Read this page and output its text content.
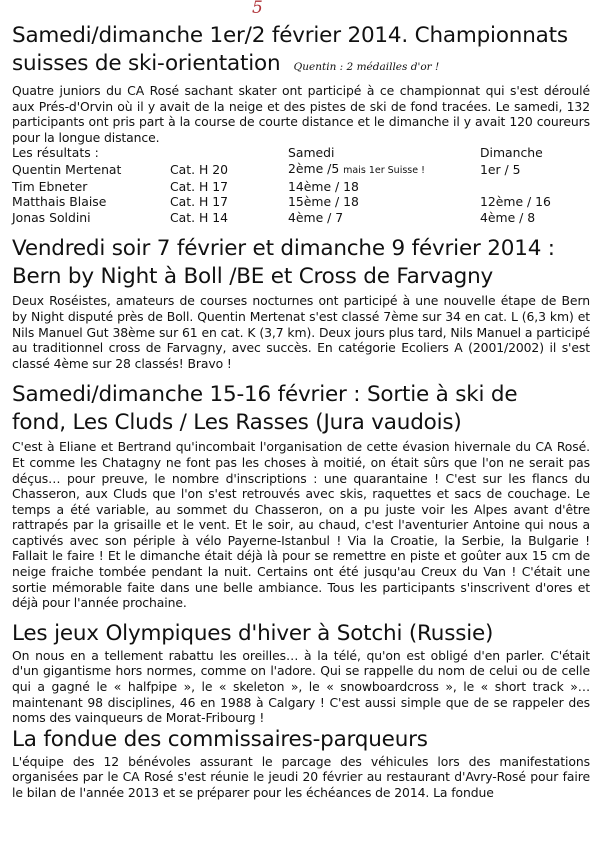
5
Samedi/dimanche 1er/2 février 2014. Championnats
suisses de ski-orientation Quentin : 2 médailles d'or !

Quatre juniors du CA Rosé sachant skater ont participé à ce championnat qui s'est déroulé aux Prés-d'Orvin où il y avait de la neige et des pistes de ski de fond tracées. Le samedi, 132 participants ont pris part à la course de courte distance et le dimanche il y avait 120 coureurs pour la longue distance.

Les résultats :		Samedi	Dimanche
Quentin Mertenat	Cat. H 20	2ème /5 mais 1er Suisse !	1er / 5
Tim Ebneter	Cat. H 17	14ème / 18	
Matthais Blaise	Cat. H 17	15ème / 18	12ème / 16
Jonas Soldini	Cat. H 14	4ème / 7	4ème / 8
Vendredi soir 7 février et dimanche 9 février 2014 :
Bern by Night à Boll /BE et Cross de Farvagny

Deux Roséistes, amateurs de courses nocturnes ont participé à une nouvelle étape de Bern by Night disputé près de Boll. Quentin Mertenat s'est classé 7ème sur 34 en cat. L (6,3 km) et Nils Manuel Gut 38ème sur 61 en cat. K (3,7 km). Deux jours plus tard, Nils Manuel a participé au traditionnel cross de Farvagny, avec succès. En catégorie Ecoliers A (2001/2002) il s'est classé 4ème sur 28 classés! Bravo !

Samedi/dimanche 15-16 février : Sortie à ski de
fond, Les Cluds / Les Rasses (Jura vaudois)

C'est à Eliane et Bertrand qu'incombait l'organisation de cette évasion hivernale du CA Rosé. Et comme les Chatagny ne font pas les choses à moitié, on était sûrs que l'on ne serait pas déçus… pour preuve, le nombre d'inscriptions : une quarantaine ! C'est sur les flancs du Chasseron, aux Cluds que l'on s'est retrouvés avec skis, raquettes et sacs de couchage. Le temps a été variable, au sommet du Chasseron, on a pu juste voir les Alpes avant d'être rattrapés par la grisaille et le vent. Et le soir, au chaud, c'est l'aventurier Antoine qui nous a captivés avec son périple à vélo Payerne-Istanbul ! Via la Croatie, la Serbie, la Bulgarie ! Fallait le faire ! Et le dimanche était déjà là pour se remettre en piste et goûter aux 15 cm de neige fraiche tombée pendant la nuit. Certains ont été jusqu'au Creux du Van ! C'était une sortie mémorable faite dans une belle ambiance. Tous les participants s'inscrivent d'ores et déjà pour l'année prochaine.

Les jeux Olympiques d'hiver à Sotchi (Russie)

On nous en a tellement rabattu les oreilles… à la télé, qu'on est obligé d'en parler. C'était d'un gigantisme hors normes, comme on l'adore. Qui se rappelle du nom de celui ou de celle qui a gagné le « halfpipe », le « skeleton », le « snowboardcross », le « short track »… maintenant 98 disciplines, 46 en 1988 à Calgary ! C'est aussi simple que de se rappeler des noms des vainqueurs de Morat-Fribourg !

La fondue des commissaires-parqueurs

L'équipe des 12 bénévoles assurant le parcage des véhicules lors des manifestations organisées par le CA Rosé s'est réunie le jeudi 20 février au restaurant d'Avry-Rosé pour faire le bilan de l'année 2013 et se préparer pour les échéances de 2014. La fondue
